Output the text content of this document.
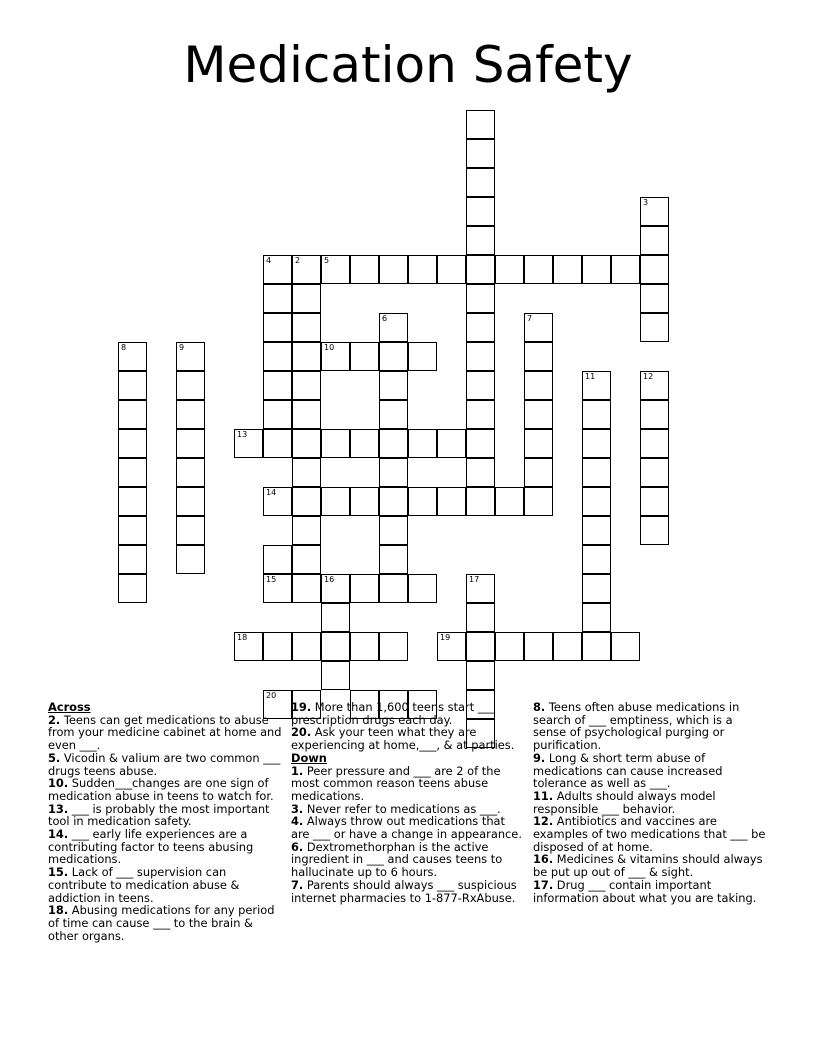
Medication Safety
2
3
4	5
6	7
8	9	10
11	12
13
14
15	16	17
18	19
20

Across

2. Teens can get medications to abuse from your medicine cabinet at home and even ___.

5. Vicodin & valium are two common ___ drugs teens abuse.

10. Sudden___changes are one sign of medication abuse in teens to watch for.

13. ___ is probably the most important tool in medication safety.

14. ___ early life experiences are a contributing factor to teens abusing medications.

15. Lack of ___ supervision can contribute to medication abuse & addiction in teens.

18. Abusing medications for any period of time can cause ___ to the brain & other organs.

19. More than 1,600 teens start ___ prescription drugs each day.

20. Ask your teen what they are experiencing at home,___, & at parties.

Down

1. Peer pressure and ___ are 2 of the most common reason teens abuse medications.

3. Never refer to medications as ___.

4. Always throw out medications that are ___ or have a change in appearance.

6. Dextromethorphan is the active ingredient in ___ and causes teens to hallucinate up to 6 hours.

7. Parents should always ___ suspicious internet pharmacies to 1-877-RxAbuse.

8. Teens often abuse medications in search of ___ emptiness, which is a sense of psychological purging or purification.

9. Long & short term abuse of medications can cause increased tolerance as well as ___.

11. Adults should always model responsible ___ behavior.

12. Antibiotics and vaccines are examples of two medications that ___ be disposed of at home.

16. Medicines & vitamins should always be put up out of ___ & sight.

17. Drug ___ contain important information about what you are taking.
